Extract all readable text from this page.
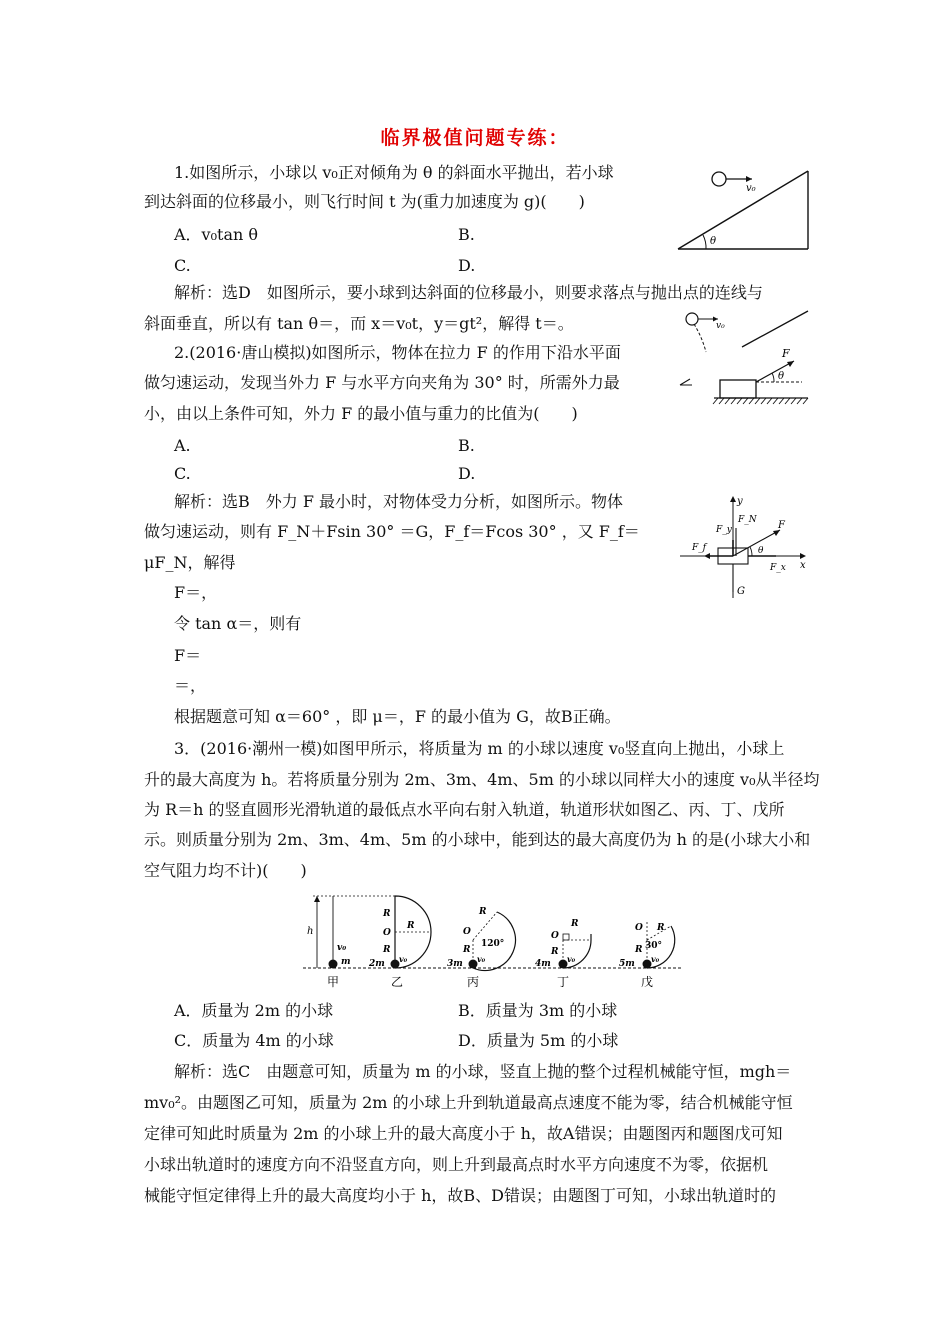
临界极值问题专练：
1.如图所示，小球以 v₀正对倾角为 θ 的斜面水平抛出，若小球
到达斜面的位移最小，则飞行时间 t 为(重力加速度为 g)(　　)
A．v₀tan θ	B.
C.	D.
解析：选D　如图所示，要小球到达斜面的位移最小，则要求落点与抛出点的连线与
斜面垂直，所以有 tan θ＝，而 x＝v₀t，y＝gt²，解得 t＝。
v₀
θ
v₀
2.(2016·唐山模拟)如图所示，物体在拉力 F 的作用下沿水平面
做匀速运动，发现当外力 F 与水平方向夹角为 30° 时，所需外力最
小，由以上条件可知，外力 F 的最小值与重力的比值为(　　)
A.	B.
C.	D.
F
θ
解析：选B　外力 F 最小时，对物体受力分析，如图所示。物体
做匀速运动，则有 F_N＋Fsin 30° ＝G，F_f＝Fcos 30° ，又 F_f＝
μF_N，解得
F＝，
令 tan α＝，则有
F＝
＝，
根据题意可知 α＝60° ，即 μ＝，F 的最小值为 G，故B正确。
y
x
F_N
F_y	F
θ
F_f
F_x
G
3．(2016·潮州一模)如图甲所示，将质量为 m 的小球以速度 v₀竖直向上抛出，小球上
升的最大高度为 h。若将质量分别为 2m、3m、4m、5m 的小球以同样大小的速度 v₀从半径均
为 R＝h 的竖直圆形光滑轨道的最低点水平向右射入轨道，轨道形状如图乙、丙、丁、戊所
示。则质量分别为 2m、3m、4m、5m 的小球中，能到达的最大高度仍为 h 的是(小球大小和
空气阻力均不计)(　　)
h
v₀
m
甲
R
O
R
R
2m v₀
乙
R
O
120°
R
3m v₀
丙
R
O
R
4m v₀
丁
R
O
30°
R
5m v₀
戊
A．质量为 2m 的小球	B．质量为 3m 的小球
C．质量为 4m 的小球	D．质量为 5m 的小球
解析：选C　由题意可知，质量为 m 的小球，竖直上抛的整个过程机械能守恒，mgh＝
mv₀²。由题图乙可知，质量为 2m 的小球上升到轨道最高点速度不能为零，结合机械能守恒
定律可知此时质量为 2m 的小球上升的最大高度小于 h，故A错误；由题图丙和题图戊可知
小球出轨道时的速度方向不沿竖直方向，则上升到最高点时水平方向速度不为零，依据机
械能守恒定律得上升的最大高度均小于 h，故B、D错误；由题图丁可知，小球出轨道时的
